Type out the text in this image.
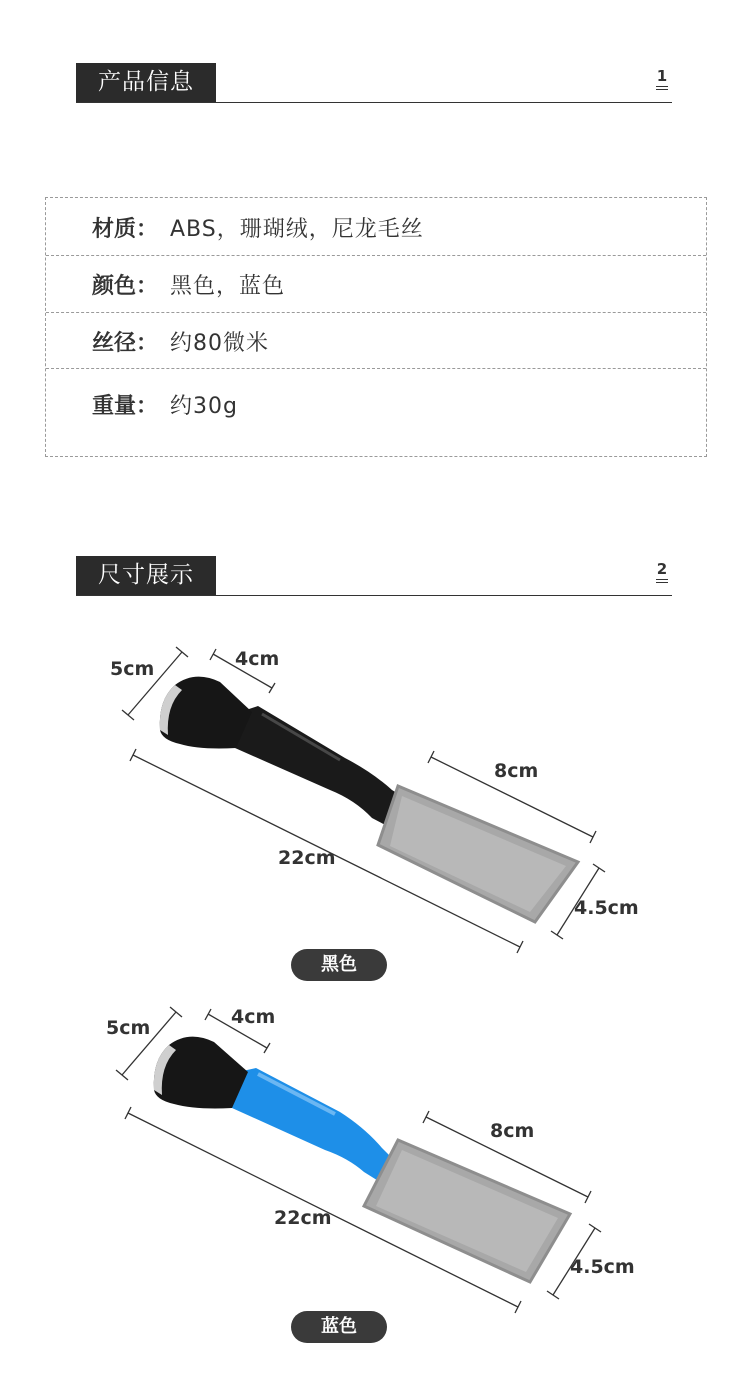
产品信息	1
材质： ABS，珊瑚绒，尼龙毛丝
颜色： 黑色，蓝色
丝径： 约80微米
重量： 约30g
尺寸展示	2
5cm	4cm
8cm
22cm
4.5cm
黑色
5cm	4cm
8cm
22cm
4.5cm
蓝色
